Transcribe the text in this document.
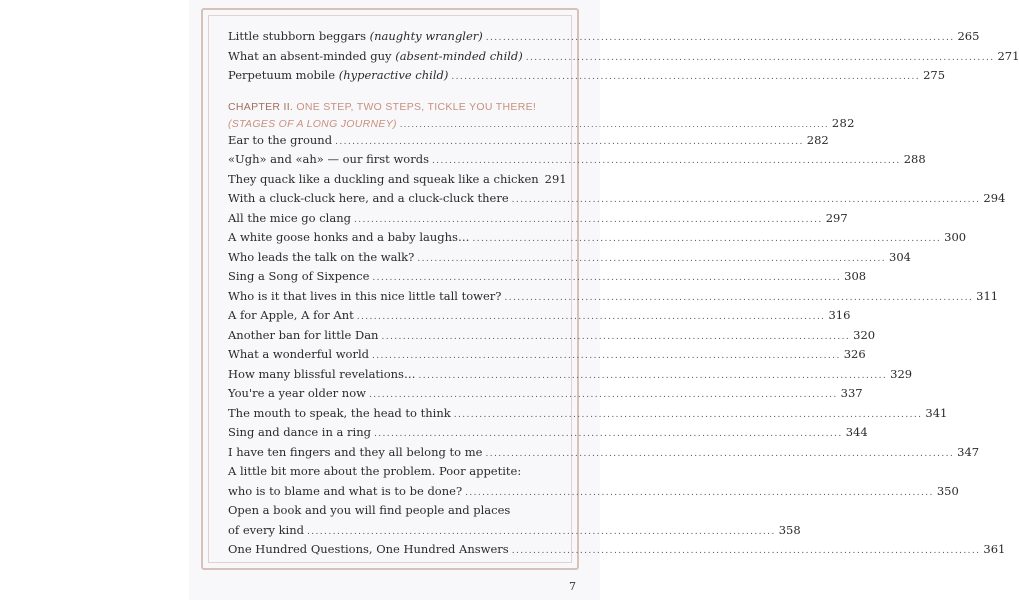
Little stubborn beggars (naughty wrangler) .............................................................................................................. 265
What an absent-minded guy (absent-minded child) .............................................................................................................. 271
Perpetuum mobile (hyperactive child) .............................................................................................................. 275
CHAPTER II. ONE STEP, TWO STEPS, TICKLE YOU THERE!
(STAGES OF A LONG JOURNEY) .............................................................................................................. 282
Ear to the ground .............................................................................................................. 282
«Ugh» and «ah» — our first words .............................................................................................................. 288
They quack like a duckling and squeak like a chicken 291
With a cluck-cluck here, and a cluck-cluck there .............................................................................................................. 294
All the mice go clang .............................................................................................................. 297
A white goose honks and a baby laughs… .............................................................................................................. 300
Who leads the talk on the walk? .............................................................................................................. 304
Sing a Song of Sixpence .............................................................................................................. 308
Who is it that lives in this nice little tall tower? .............................................................................................................. 311
A for Apple, A for Ant .............................................................................................................. 316
Another ban for little Dan .............................................................................................................. 320
What a wonderful world .............................................................................................................. 326
How many blissful revelations… .............................................................................................................. 329
You're a year older now .............................................................................................................. 337
The mouth to speak, the head to think .............................................................................................................. 341
Sing and dance in a ring .............................................................................................................. 344
I have ten fingers and they all belong to me .............................................................................................................. 347
A little bit more about the problem. Poor appetite:
who is to blame and what is to be done? .............................................................................................................. 350
Open a book and you will find people and places
of every kind .............................................................................................................. 358
One Hundred Questions, One Hundred Answers .............................................................................................................. 361
7
